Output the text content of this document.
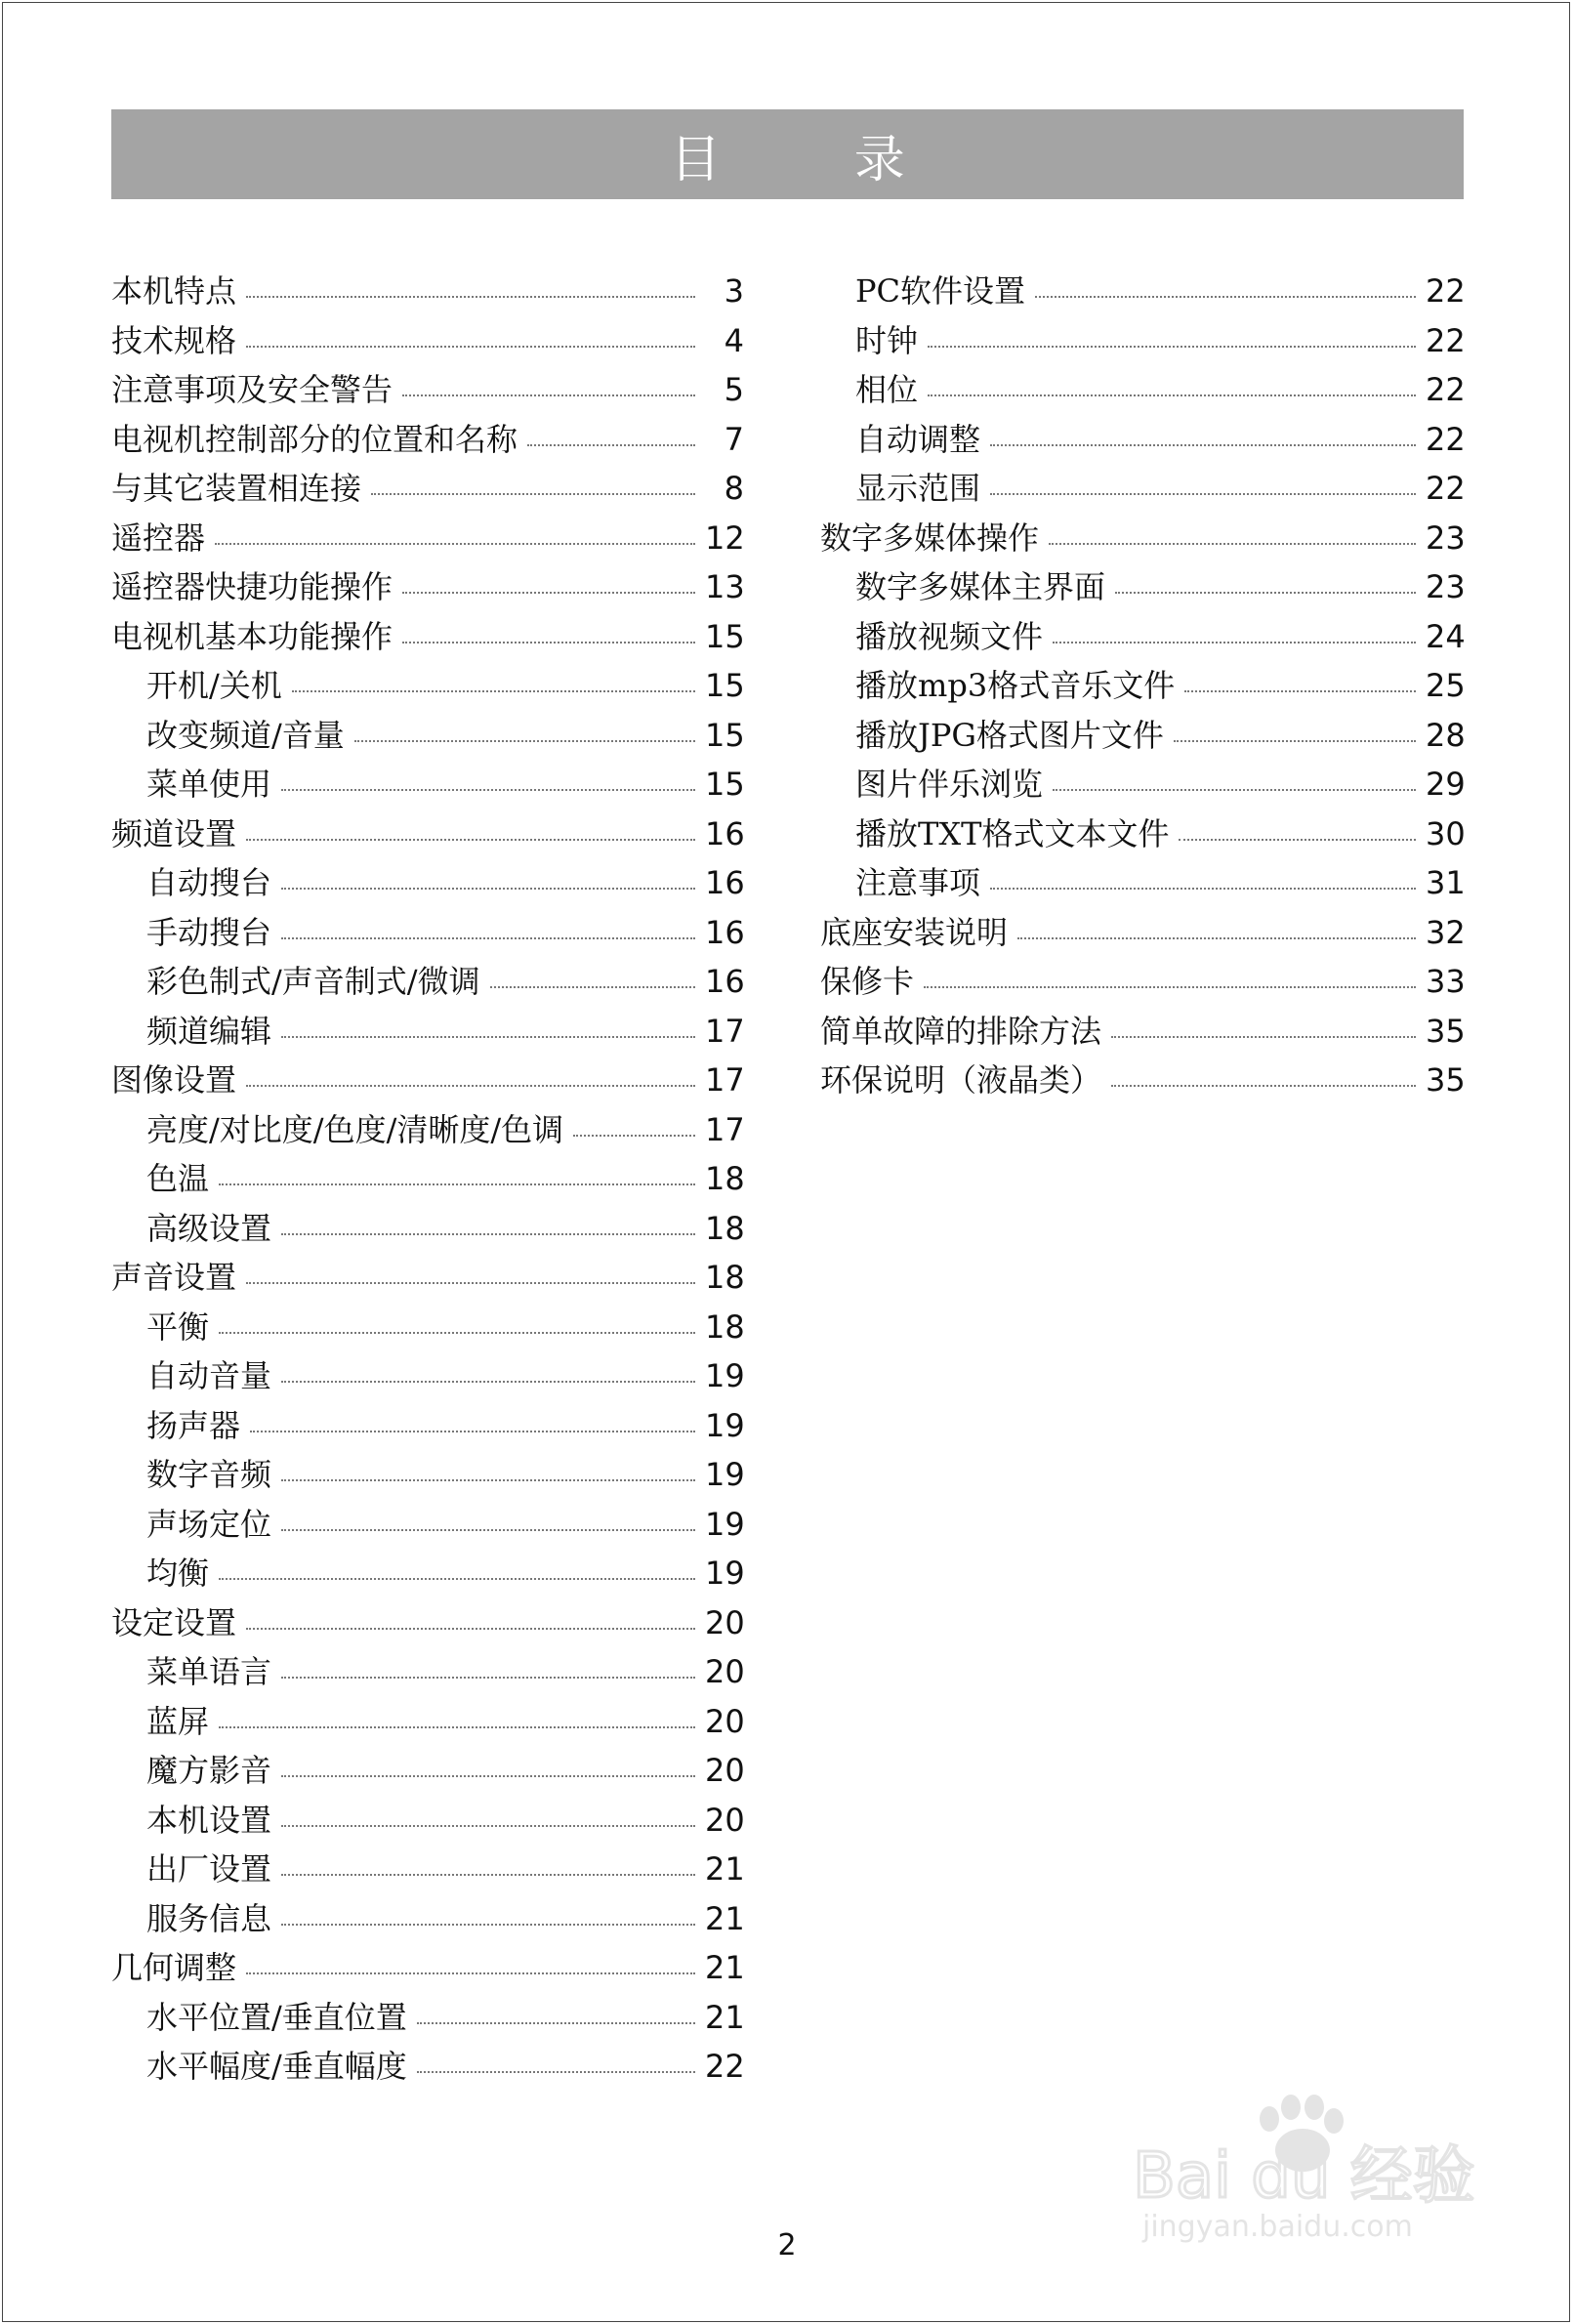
目 录
本机特点	3
技术规格	4
注意事项及安全警告	5
电视机控制部分的位置和名称	7
与其它装置相连接	8
遥控器	12
遥控器快捷功能操作	13
电视机基本功能操作	15
开机/关机	15
改变频道/音量	15
菜单使用	15
频道设置	16
自动搜台	16
手动搜台	16
彩色制式/声音制式/微调	16
频道编辑	17
图像设置	17
亮度/对比度/色度/清晰度/色调	17
色温	18
高级设置	18
声音设置	18
平衡	18
自动音量	19
扬声器	19
数字音频	19
声场定位	19
均衡	19
设定设置	20
菜单语言	20
蓝屏	20
魔方影音	20
本机设置	20
出厂设置	21
服务信息	21
几何调整	21
水平位置/垂直位置	21
水平幅度/垂直幅度	22
PC软件设置	22
时钟	22
相位	22
自动调整	22
显示范围	22
数字多媒体操作	23
数字多媒体主界面	23
播放视频文件	24
播放mp3格式音乐文件	25
播放JPG格式图片文件	28
图片伴乐浏览	29
播放TXT格式文本文件	30
注意事项	31
底座安装说明	32
保修卡	33
简单故障的排除方法	35
环保说明（液晶类）	35
2
Bai du 经验
jingyan.baidu.com
